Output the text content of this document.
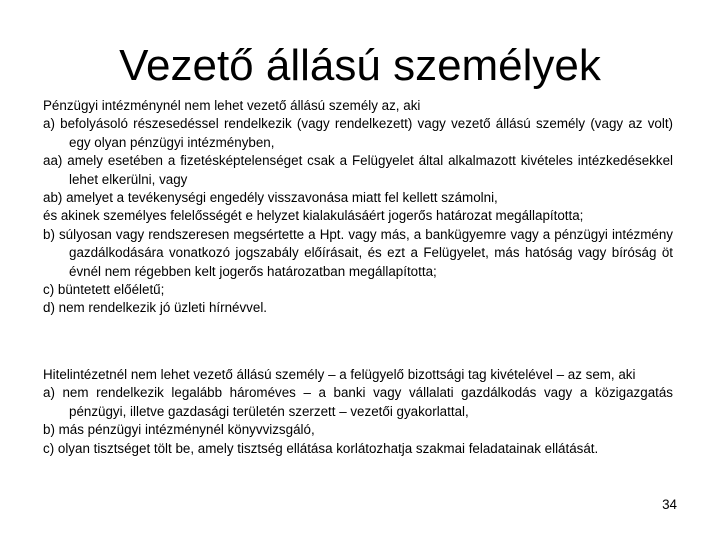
Vezető állású személyek

Pénzügyi intézménynél nem lehet vezető állású személy az, aki

a) befolyásoló részesedéssel rendelkezik (vagy rendelkezett) vagy vezető állású személy (vagy az volt) egy olyan pénzügyi intézményben,

aa) amely esetében a fizetésképtelenséget csak a Felügyelet által alkalmazott kivételes intézkedésekkel lehet elkerülni, vagy

ab) amelyet a tevékenységi engedély visszavonása miatt fel kellett számolni,

és akinek személyes felelősségét e helyzet kialakulásáért jogerős határozat megállapította;

b) súlyosan vagy rendszeresen megsértette a Hpt. vagy más, a bankügyemre vagy a pénzügyi intézmény gazdálkodására vonatkozó jogszabály előírásait, és ezt a Felügyelet, más hatóság vagy bíróság öt évnél nem régebben kelt jogerős határozatban megállapította;

c) büntetett előéletű;

d) nem rendelkezik jó üzleti hírnévvel.

Hitelintézetnél nem lehet vezető állású személy – a felügyelő bizottsági tag kivételével – az sem, aki

a) nem rendelkezik legalább hároméves – a banki vagy vállalati gazdálkodás vagy a közigazgatás pénzügyi, illetve gazdasági területén szerzett – vezetői gyakorlattal,

b) más pénzügyi intézménynél könyvvizsgáló,

c) olyan tisztséget tölt be, amely tisztség ellátása korlátozhatja szakmai feladatainak ellátását.

34
